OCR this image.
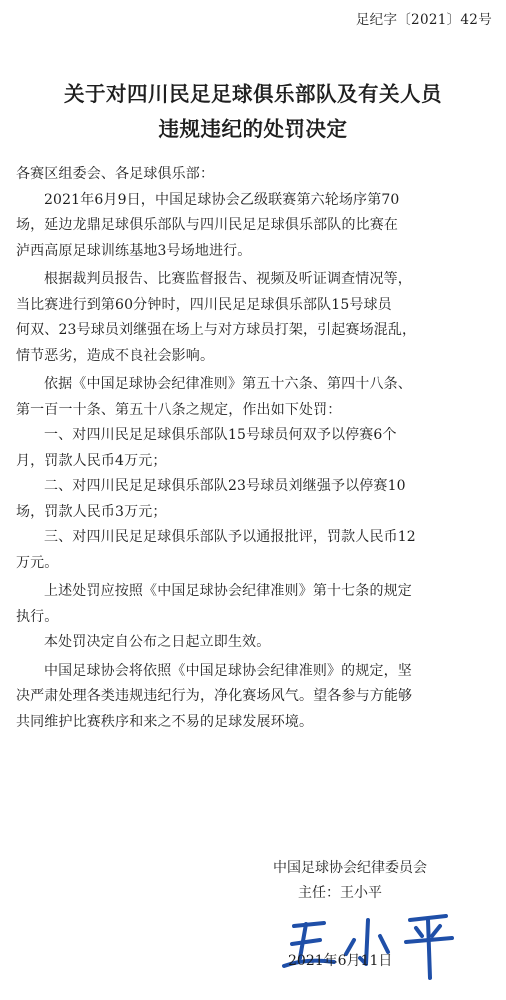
足纪字〔2021〕42号
关于对四川民足足球俱乐部队及有关人员
违规违纪的处罚决定
各赛区组委会、各足球俱乐部：
2021年6月9日，中国足球协会乙级联赛第六轮场序第70
场，延边龙鼎足球俱乐部队与四川民足足球俱乐部队的比赛在
泸西高原足球训练基地3号场地进行。
根据裁判员报告、比赛监督报告、视频及听证调查情况等，
当比赛进行到第60分钟时，四川民足足球俱乐部队15号球员
何双、23号球员刘继强在场上与对方球员打架，引起赛场混乱，
情节恶劣，造成不良社会影响。
依据《中国足球协会纪律准则》第五十六条、第四十八条、
第一百一十条、第五十八条之规定，作出如下处罚：
一、对四川民足足球俱乐部队15号球员何双予以停赛6个
月，罚款人民币4万元；
二、对四川民足足球俱乐部队23号球员刘继强予以停赛10
场，罚款人民币3万元；
三、对四川民足足球俱乐部队予以通报批评，罚款人民币12
万元。
上述处罚应按照《中国足球协会纪律准则》第十七条的规定
执行。
本处罚决定自公布之日起立即生效。
中国足球协会将依照《中国足球协会纪律准则》的规定，坚
决严肃处理各类违规违纪行为，净化赛场风气。望各参与方能够
共同维护比赛秩序和来之不易的足球发展环境。
中国足球协会纪律委员会
主任：王小平
2021年6月11日
